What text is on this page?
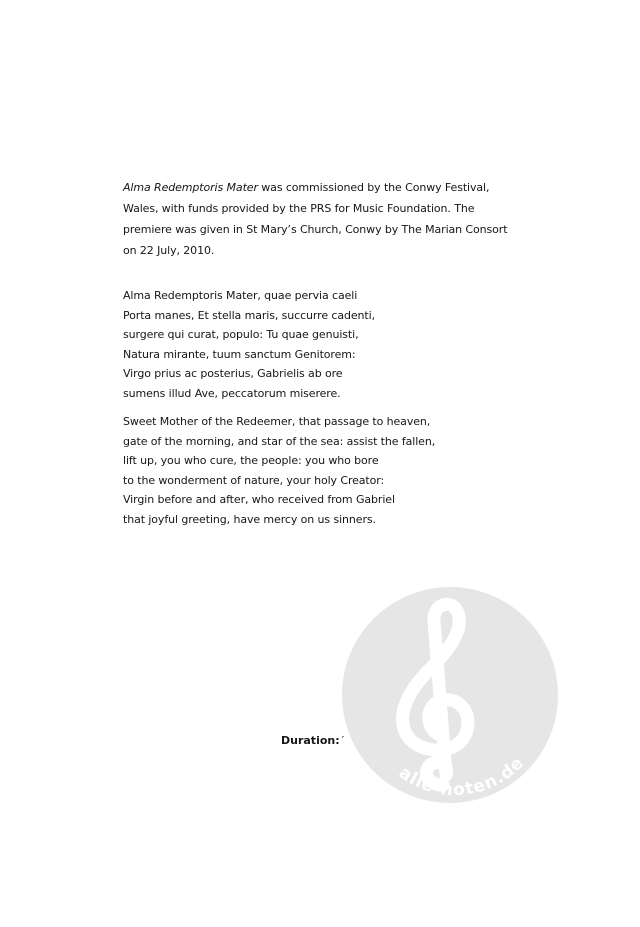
Alma Redemptoris Mater was commissioned by the Conwy Festival, Wales, with funds provided by the PRS for Music Foundation. The premiere was given in St Mary’s Church, Conwy by The Marian Consort on 22 July, 2010.

Alma Redemptoris Mater, quae pervia caeli
Porta manes, Et stella maris, succurre cadenti,
surgere qui curat, populo: Tu quae genuisti,
Natura mirante, tuum sanctum Genitorem:
Virgo prius ac posterius, Gabrielis ab ore
sumens illud Ave, peccatorum miserere.
Sweet Mother of the Redeemer, that passage to heaven,
gate of the morning, and star of the sea: assist the fallen,
lift up, you who cure, the people: you who bore
to the wonderment of nature, your holy Creator:
Virgin before and after, who received from Gabriel
that joyful greeting, have mercy on us sinners.
Duration: ′
alle-noten.de
